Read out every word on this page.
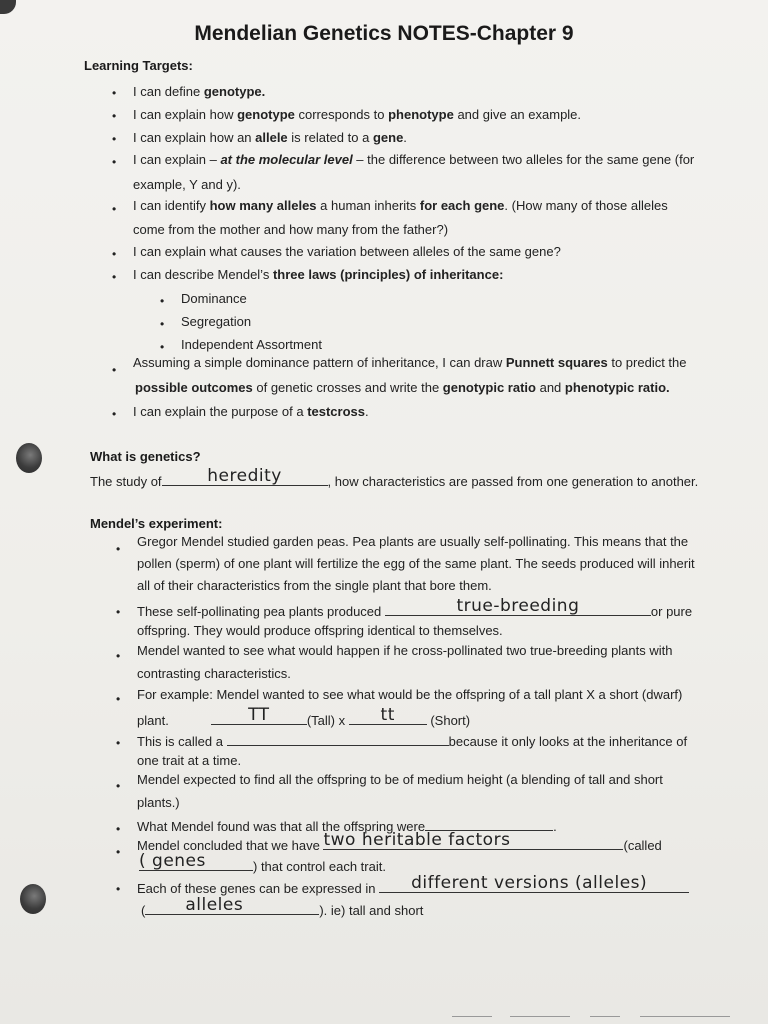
Mendelian Genetics NOTES-Chapter 9
Learning Targets:
• I can define genotype.
• I can explain how genotype corresponds to phenotype and give an example.
• I can explain how an allele is related to a gene.
• I can explain – at the molecular level – the difference between two alleles for the same gene (for
example, Y and y).
• I can identify how many alleles a human inherits for each gene. (How many of those alleles
come from the mother and how many from the father?)
• I can explain what causes the variation between alleles of the same gene?
• I can describe Mendel’s three laws (principles) of inheritance:
• Dominance
• Segregation
• Independent Assortment
• Assuming a simple dominance pattern of inheritance, I can draw Punnett squares to predict the
possible outcomes of genetic crosses and write the genotypic ratio and phenotypic ratio.
• I can explain the purpose of a testcross.
What is genetics?
The study of	heredity	, how characteristics are passed from one generation to another.
Mendel’s experiment:
• Gregor Mendel studied garden peas. Pea plants are usually self-pollinating. This means that the
pollen (sperm) of one plant will fertilize the egg of the same plant. The seeds produced will inherit
all of their characteristics from the single plant that bore them.
• These self-pollinating pea plants produced	true-breeding	or pure
offspring. They would produce offspring identical to themselves.
• Mendel wanted to see what would happen if he cross-pollinated two true-breeding plants with
contrasting characteristics.
• For example: Mendel wanted to see what would be the offspring of a tall plant X a short (dwarf)
plant.	TT	(Tall) x	tt	(Short)
• This is called a	because it only looks at the inheritance of
one trait at a time.
• Mendel expected to find all the offspring to be of medium height (a blending of tall and short
plants.)
• What Mendel found was that all the offspring were	.
• Mendel concluded that we have two heritable factors	(called
( genes	) that control each trait.
• Each of these genes can be expressed in different versions (alleles)
( alleles	). ie) tall and short
